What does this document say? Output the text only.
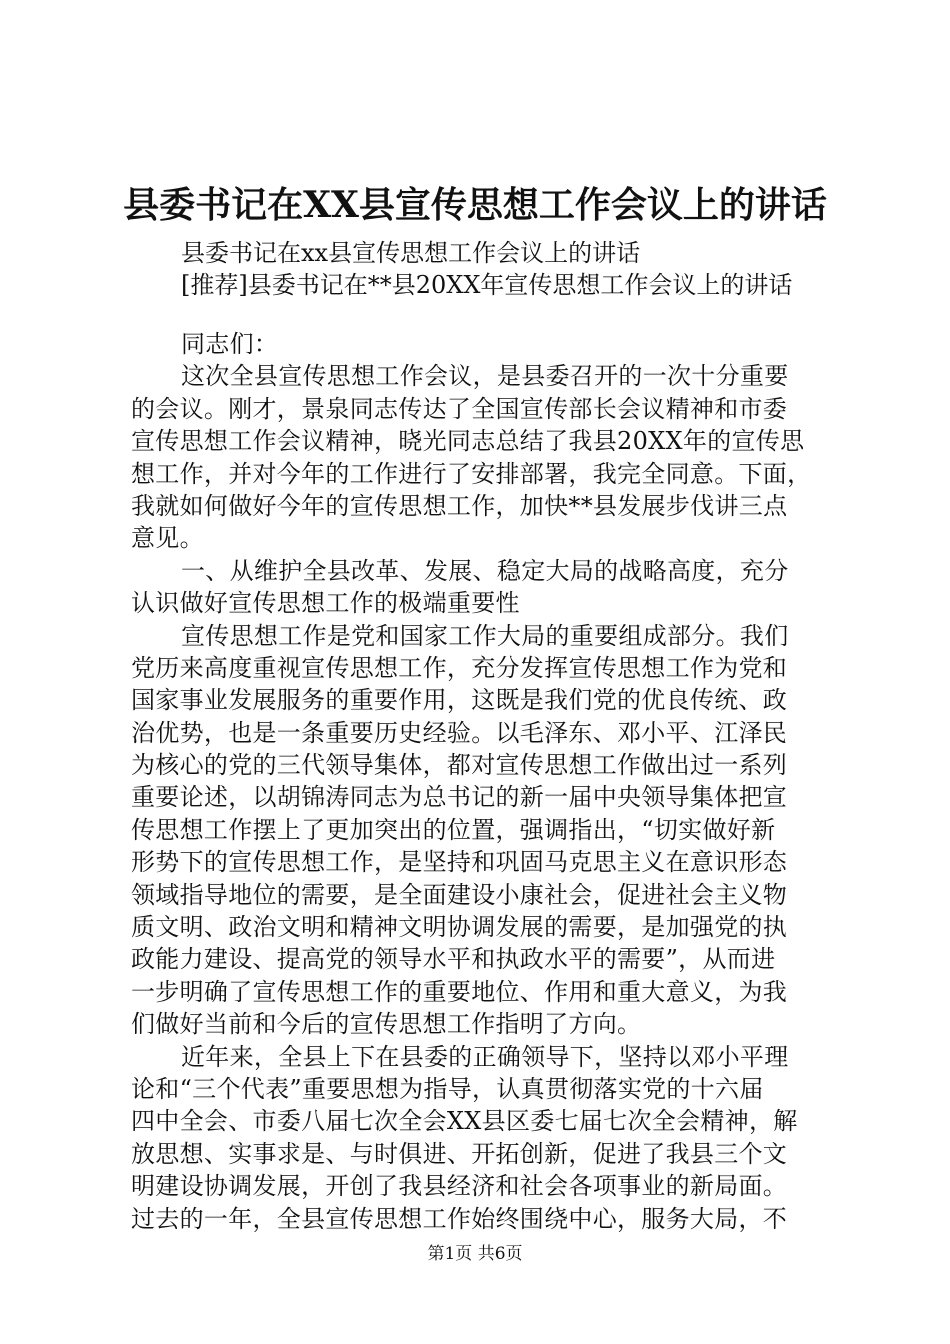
县委书记在XX县宣传思想工作会议上的讲话
县委书记在xx县宣传思想工作会议上的讲话
[推荐]县委书记在**县20XX年宣传思想工作会议上的讲话
同志们：
这次全县宣传思想工作会议，是县委召开的一次十分重要
的会议。刚才，景泉同志传达了全国宣传部长会议精神和市委
宣传思想工作会议精神，晓光同志总结了我县20XX年的宣传思
想工作，并对今年的工作进行了安排部署，我完全同意。下面，
我就如何做好今年的宣传思想工作，加快**县发展步伐讲三点
意见。
一、从维护全县改革、发展、稳定大局的战略高度，充分
认识做好宣传思想工作的极端重要性
宣传思想工作是党和国家工作大局的重要组成部分。我们
党历来高度重视宣传思想工作，充分发挥宣传思想工作为党和
国家事业发展服务的重要作用，这既是我们党的优良传统、政
治优势，也是一条重要历史经验。以毛泽东、邓小平、江泽民
为核心的党的三代领导集体，都对宣传思想工作做出过一系列
重要论述，以胡锦涛同志为总书记的新一届中央领导集体把宣
传思想工作摆上了更加突出的位置，强调指出，“切实做好新
形势下的宣传思想工作，是坚持和巩固马克思主义在意识形态
领域指导地位的需要，是全面建设小康社会，促进社会主义物
质文明、政治文明和精神文明协调发展的需要，是加强党的执
政能力建设、提高党的领导水平和执政水平的需要”，从而进
一步明确了宣传思想工作的重要地位、作用和重大意义，为我
们做好当前和今后的宣传思想工作指明了方向。
近年来，全县上下在县委的正确领导下，坚持以邓小平理
论和“三个代表”重要思想为指导，认真贯彻落实党的十六届
四中全会、市委八届七次全会XX县区委七届七次全会精神，解
放思想、实事求是、与时俱进、开拓创新，促进了我县三个文
明建设协调发展，开创了我县经济和社会各项事业的新局面。
过去的一年，全县宣传思想工作始终围绕中心，服务大局，不
第1页 共6页
